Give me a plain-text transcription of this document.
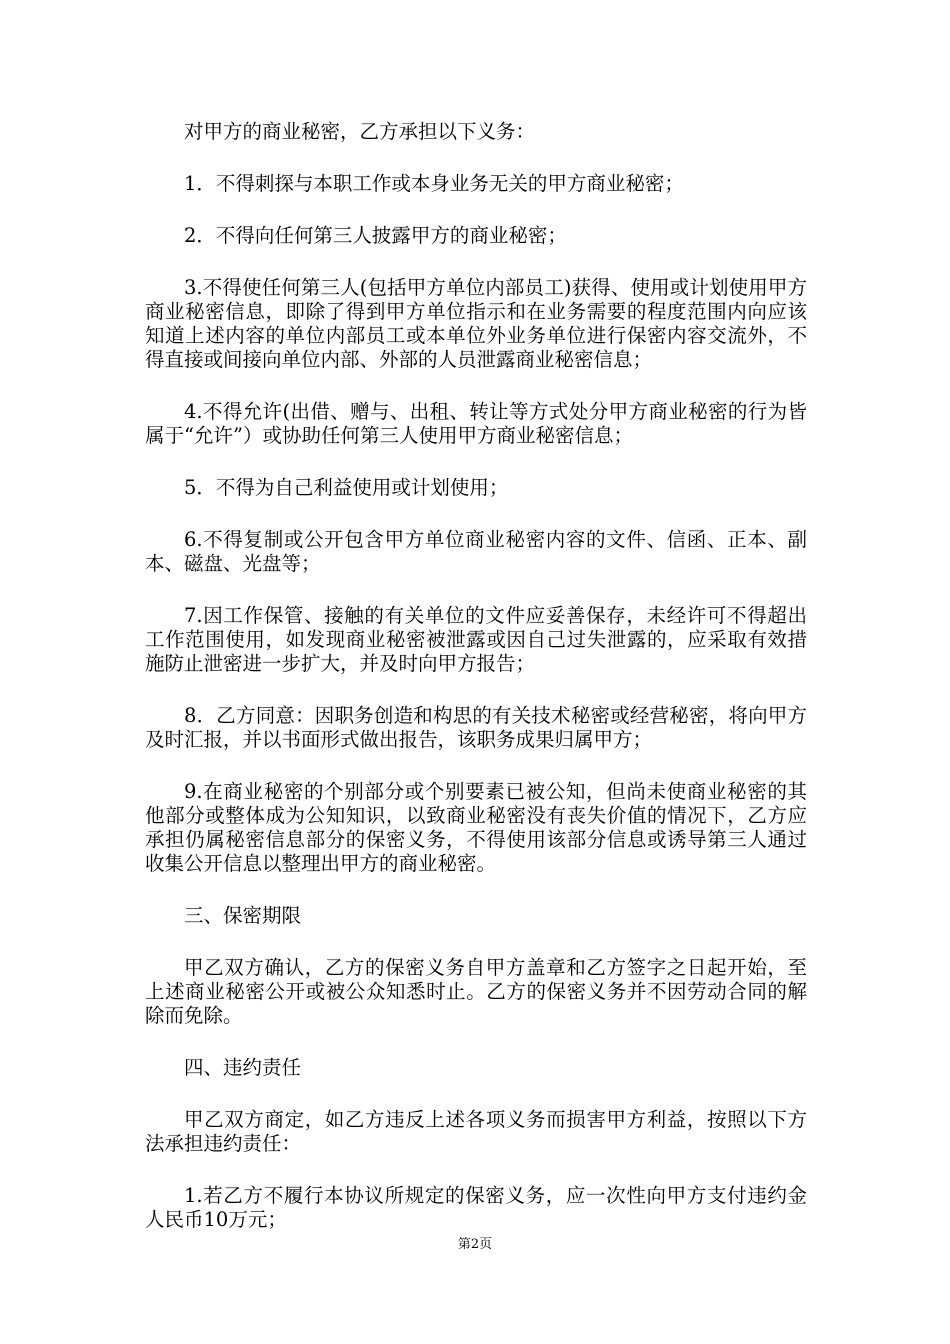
对甲方的商业秘密，乙方承担以下义务：

1．不得刺探与本职工作或本身业务无关的甲方商业秘密；

2．不得向任何第三人披露甲方的商业秘密；

3.不得使任何第三人(包括甲方单位内部员工)获得、使用或计划使用甲方商业秘密信息，即除了得到甲方单位指示和在业务需要的程度范围内向应该知道上述内容的单位内部员工或本单位外业务单位进行保密内容交流外，不得直接或间接向单位内部、外部的人员泄露商业秘密信息；

4.不得允许(出借、赠与、出租、转让等方式处分甲方商业秘密的行为皆属于“允许”）或协助任何第三人使用甲方商业秘密信息；

5．不得为自己利益使用或计划使用；

6.不得复制或公开包含甲方单位商业秘密内容的文件、信函、正本、副本、磁盘、光盘等；

7.因工作保管、接触的有关单位的文件应妥善保存，未经许可不得超出工作范围使用，如发现商业秘密被泄露或因自己过失泄露的，应采取有效措施防止泄密进一步扩大，并及时向甲方报告；

8．乙方同意：因职务创造和构思的有关技术秘密或经营秘密，将向甲方及时汇报，并以书面形式做出报告，该职务成果归属甲方；

9.在商业秘密的个别部分或个别要素已被公知，但尚未使商业秘密的其他部分或整体成为公知知识，以致商业秘密没有丧失价值的情况下，乙方应承担仍属秘密信息部分的保密义务，不得使用该部分信息或诱导第三人通过收集公开信息以整理出甲方的商业秘密。

三、保密期限

甲乙双方确认，乙方的保密义务自甲方盖章和乙方签字之日起开始，至上述商业秘密公开或被公众知悉时止。乙方的保密义务并不因劳动合同的解除而免除。

四、违约责任

甲乙双方商定，如乙方违反上述各项义务而损害甲方利益，按照以下方法承担违约责任：

1.若乙方不履行本协议所规定的保密义务，应一次性向甲方支付违约金人民币10万元；

第2页
